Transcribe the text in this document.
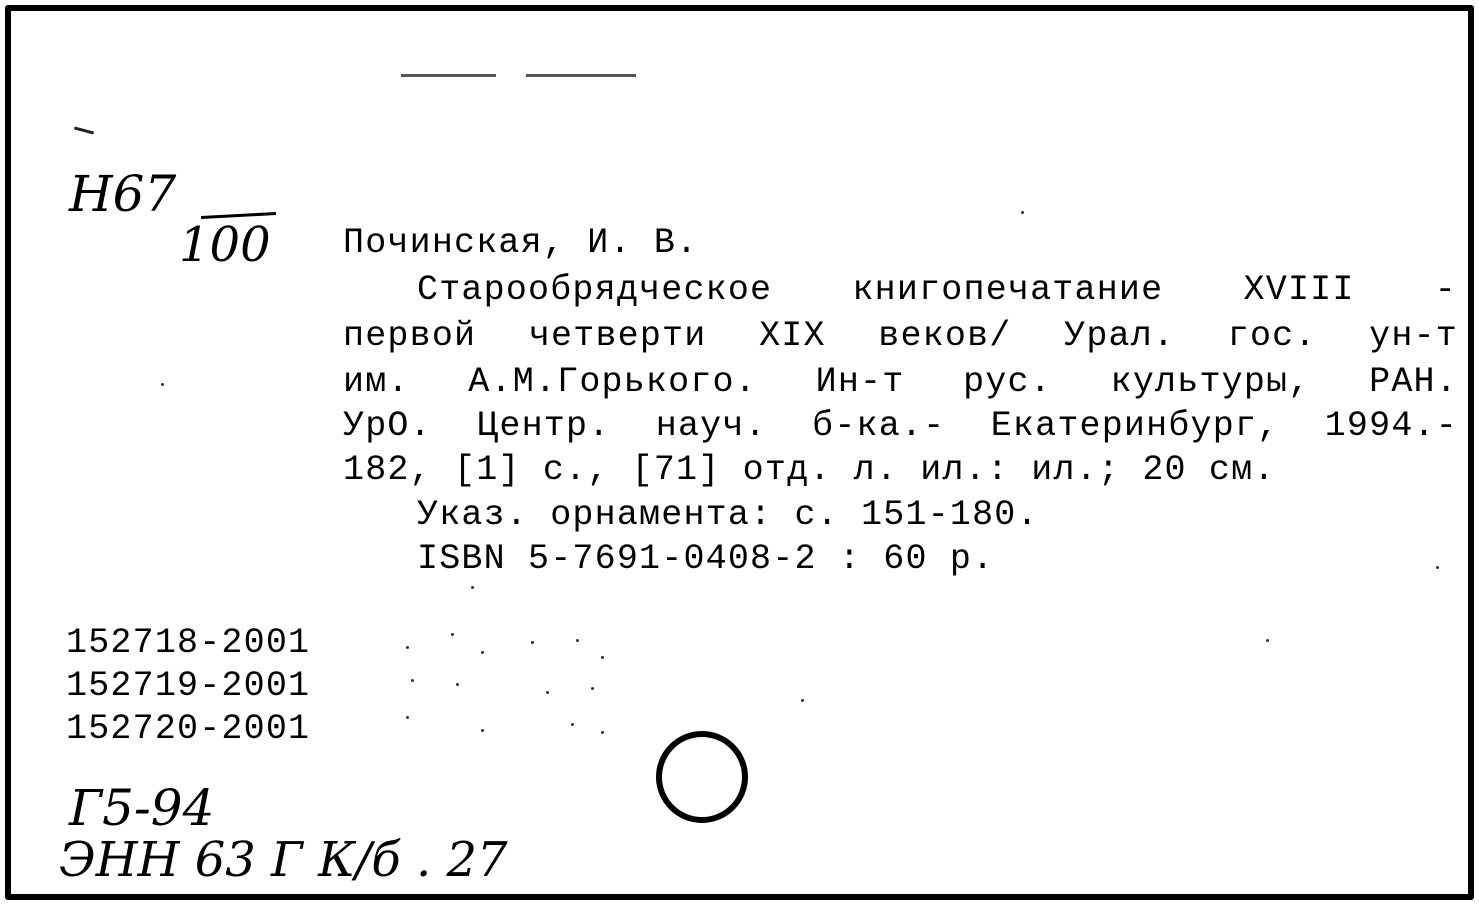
Н67
100 Починская, И. В.
Старообрядческое книгопечатание XVIII -
первой четверти XIX веков/ Урал. гос. ун-т
им. А.М.Горького. Ин-т рус. культуры, РАН.
УрО. Центр. науч. б-ка.- Екатеринбург, 1994.-
182, [1] с., [71] отд. л. ил.: ил.; 20 см.
Указ. орнамента: с. 151-180.
ISBN 5-7691-0408-2 : 60 р.
152718-2001
152719-2001
152720-2001
Г5-94
ЭНН 63 Г К/б . 27
